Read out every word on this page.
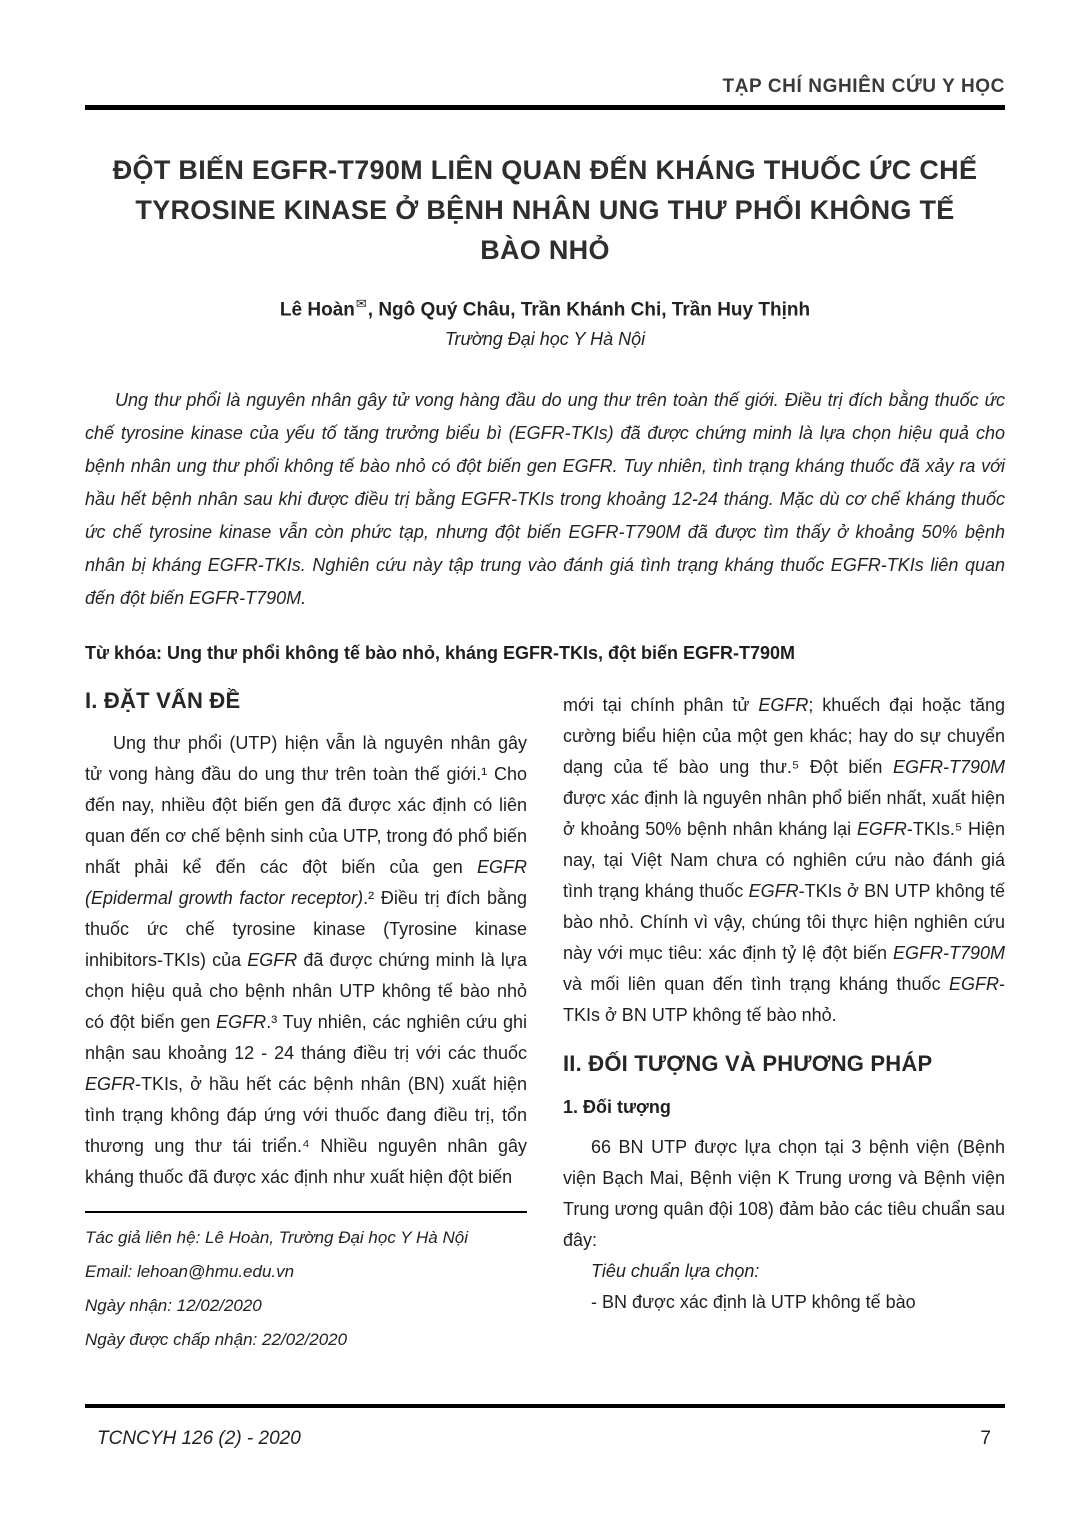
TẠP CHÍ NGHIÊN CỨU Y HỌC
ĐỘT BIẾN EGFR-T790M LIÊN QUAN ĐẾN KHÁNG THUỐC ỨC CHẾ TYROSINE KINASE Ở BỆNH NHÂN UNG THƯ PHỔI KHÔNG TẾ BÀO NHỎ
Lê Hoàn✉, Ngô Quý Châu, Trần Khánh Chi, Trần Huy Thịnh
Trường Đại học Y Hà Nội

Ung thư phổi là nguyên nhân gây tử vong hàng đầu do ung thư trên toàn thế giới. Điều trị đích bằng thuốc ức chế tyrosine kinase của yếu tố tăng trưởng biểu bì (EGFR-TKIs) đã được chứng minh là lựa chọn hiệu quả cho bệnh nhân ung thư phổi không tế bào nhỏ có đột biến gen EGFR. Tuy nhiên, tình trạng kháng thuốc đã xảy ra với hầu hết bệnh nhân sau khi được điều trị bằng EGFR-TKIs trong khoảng 12-24 tháng. Mặc dù cơ chế kháng thuốc ức chế tyrosine kinase vẫn còn phức tạp, nhưng đột biến EGFR-T790M đã được tìm thấy ở khoảng 50% bệnh nhân bị kháng EGFR-TKIs. Nghiên cứu này tập trung vào đánh giá tình trạng kháng thuốc EGFR-TKIs liên quan đến đột biến EGFR-T790M.

Từ khóa: Ung thư phổi không tế bào nhỏ, kháng EGFR-TKIs, đột biến EGFR-T790M

I. ĐẶT VẤN ĐỀ

Ung thư phổi (UTP) hiện vẫn là nguyên nhân gây tử vong hàng đầu do ung thư trên toàn thế giới.¹ Cho đến nay, nhiều đột biến gen đã được xác định có liên quan đến cơ chế bệnh sinh của UTP, trong đó phổ biến nhất phải kể đến các đột biến của gen EGFR (Epidermal growth factor receptor).² Điều trị đích bằng thuốc ức chế tyrosine kinase (Tyrosine kinase inhibitors-TKIs) của EGFR đã được chứng minh là lựa chọn hiệu quả cho bệnh nhân UTP không tế bào nhỏ có đột biến gen EGFR.³ Tuy nhiên, các nghiên cứu ghi nhận sau khoảng 12 - 24 tháng điều trị với các thuốc EGFR-TKIs, ở hầu hết các bệnh nhân (BN) xuất hiện tình trạng không đáp ứng với thuốc đang điều trị, tổn thương ung thư tái triển.⁴ Nhiều nguyên nhân gây kháng thuốc đã được xác định như xuất hiện đột biến

Tác giả liên hệ: Lê Hoàn, Trường Đại học Y Hà Nội

Email: lehoan@hmu.edu.vn

Ngày nhận: 12/02/2020

Ngày được chấp nhận: 22/02/2020

mới tại chính phân tử EGFR; khuếch đại hoặc tăng cường biểu hiện của một gen khác; hay do sự chuyển dạng của tế bào ung thư.⁵ Đột biến EGFR-T790M được xác định là nguyên nhân phổ biến nhất, xuất hiện ở khoảng 50% bệnh nhân kháng lại EGFR-TKIs.⁵ Hiện nay, tại Việt Nam chưa có nghiên cứu nào đánh giá tình trạng kháng thuốc EGFR-TKIs ở BN UTP không tế bào nhỏ. Chính vì vậy, chúng tôi thực hiện nghiên cứu này với mục tiêu: xác định tỷ lệ đột biến EGFR-T790M và mối liên quan đến tình trạng kháng thuốc EGFR-TKIs ở BN UTP không tế bào nhỏ.

II. ĐỐI TƯỢNG VÀ PHƯƠNG PHÁP
1. Đối tượng

66 BN UTP được lựa chọn tại 3 bệnh viện (Bệnh viện Bạch Mai, Bệnh viện K Trung ương và Bệnh viện Trung ương quân đội 108) đảm bảo các tiêu chuẩn sau đây:

Tiêu chuẩn lựa chọn:

- BN được xác định là UTP không tế bào

TCNCYH 126 (2) - 2020	7
